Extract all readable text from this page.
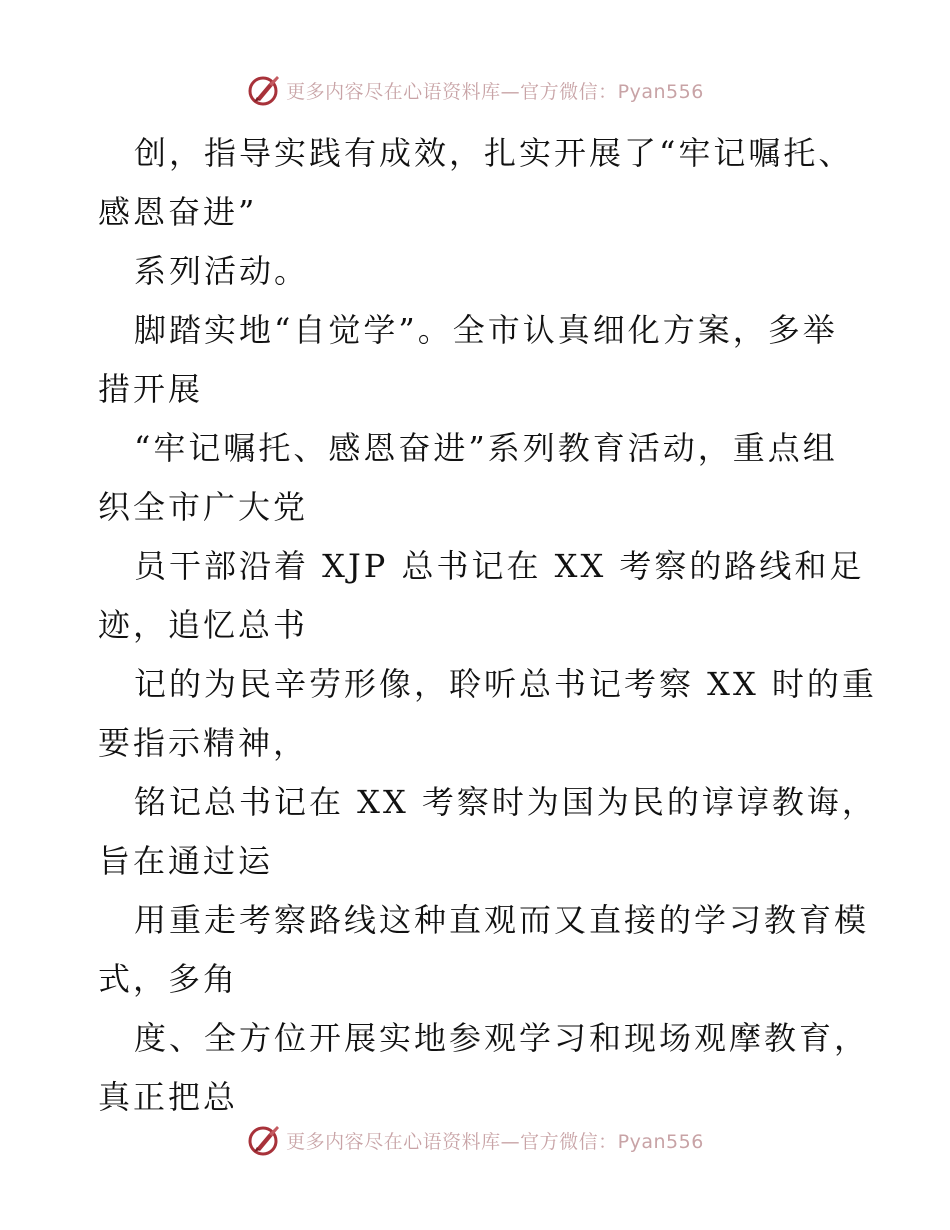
更多内容尽在心语资料库—官方微信：Pyan556
创，指导实践有成效，扎实开展了“牢记嘱托、
感恩奋进”
系列活动。
脚踏实地“自觉学”。全市认真细化方案，多举
措开展
“牢记嘱托、感恩奋进”系列教育活动，重点组
织全市广大党
员干部沿着 XJP 总书记在 XX 考察的路线和足
迹，追忆总书
记的为民辛劳形像，聆听总书记考察 XX 时的重
要指示精神，
铭记总书记在 XX 考察时为国为民的谆谆教诲，
旨在通过运
用重走考察路线这种直观而又直接的学习教育模
式，多角
度、全方位开展实地参观学习和现场观摩教育，
真正把总
更多内容尽在心语资料库—官方微信：Pyan556
